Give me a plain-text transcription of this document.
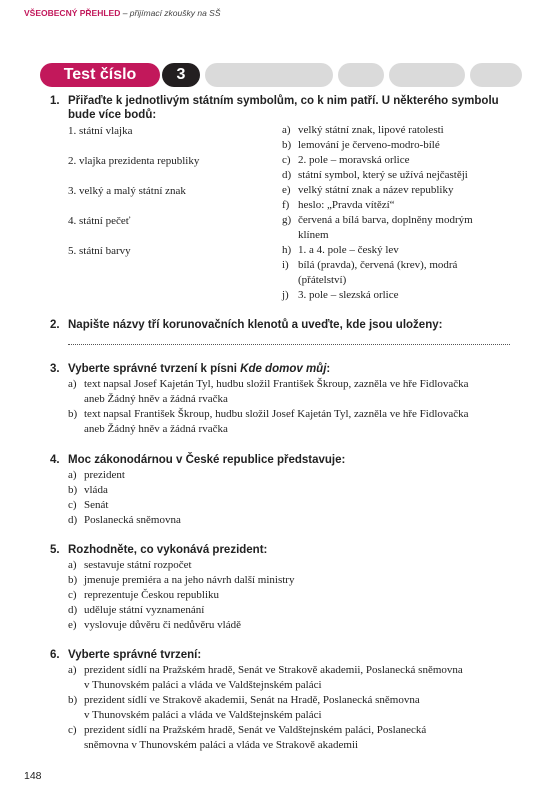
VŠEOBECNÝ PŘEHLED – přijímací zkoušky na SŠ
Test číslo	3
1. Přiřaďte k jednotlivým státním symbolům, co k nim patří. U některého symbolu
bude více bodů:
1. státní vlajka
2. vlajka prezidenta republiky
3. velký a malý státní znak
4. státní pečeť
5. státní barvy
a) velký státní znak, lipové ratolesti
b) lemování je červeno-modro-bílé
c) 2. pole – moravská orlice
d) státní symbol, který se užívá nejčastěji
e) velký státní znak a název republiky
f) heslo: „Pravda vítězí“
g) červená a bílá barva, doplněny modrým
klínem
h) 1. a 4. pole – český lev
i) bílá (pravda), červená (krev), modrá
(přátelství)
j) 3. pole – slezská orlice
2. Napište názvy tří korunovačních klenotů a uveďte, kde jsou uloženy:
3. Vyberte správné tvrzení k písni Kde domov můj:
a) text napsal Josef Kajetán Tyl, hudbu složil František Škroup, zazněla ve hře Fidlovačka
aneb Žádný hněv a žádná rvačka
b) text napsal František Škroup, hudbu složil Josef Kajetán Tyl, zazněla ve hře Fidlovačka
aneb Žádný hněv a žádná rvačka
4. Moc zákonodárnou v České republice představuje:
a) prezident
b) vláda
c) Senát
d) Poslanecká sněmovna
5. Rozhodněte, co vykonává prezident:
a) sestavuje státní rozpočet
b) jmenuje premiéra a na jeho návrh další ministry
c) reprezentuje Českou republiku
d) uděluje státní vyznamenání
e) vyslovuje důvěru či nedůvěru vládě
6. Vyberte správné tvrzení:
a) prezident sídlí na Pražském hradě, Senát ve Strakově akademii, Poslanecká sněmovna
v Thunovském paláci a vláda ve Valdštejnském paláci
b) prezident sídlí ve Strakově akademii, Senát na Hradě, Poslanecká sněmovna
v Thunovském paláci a vláda ve Valdštejnském paláci
c) prezident sídlí na Pražském hradě, Senát ve Valdštejnském paláci, Poslanecká
sněmovna v Thunovském paláci a vláda ve Strakově akademii
148
